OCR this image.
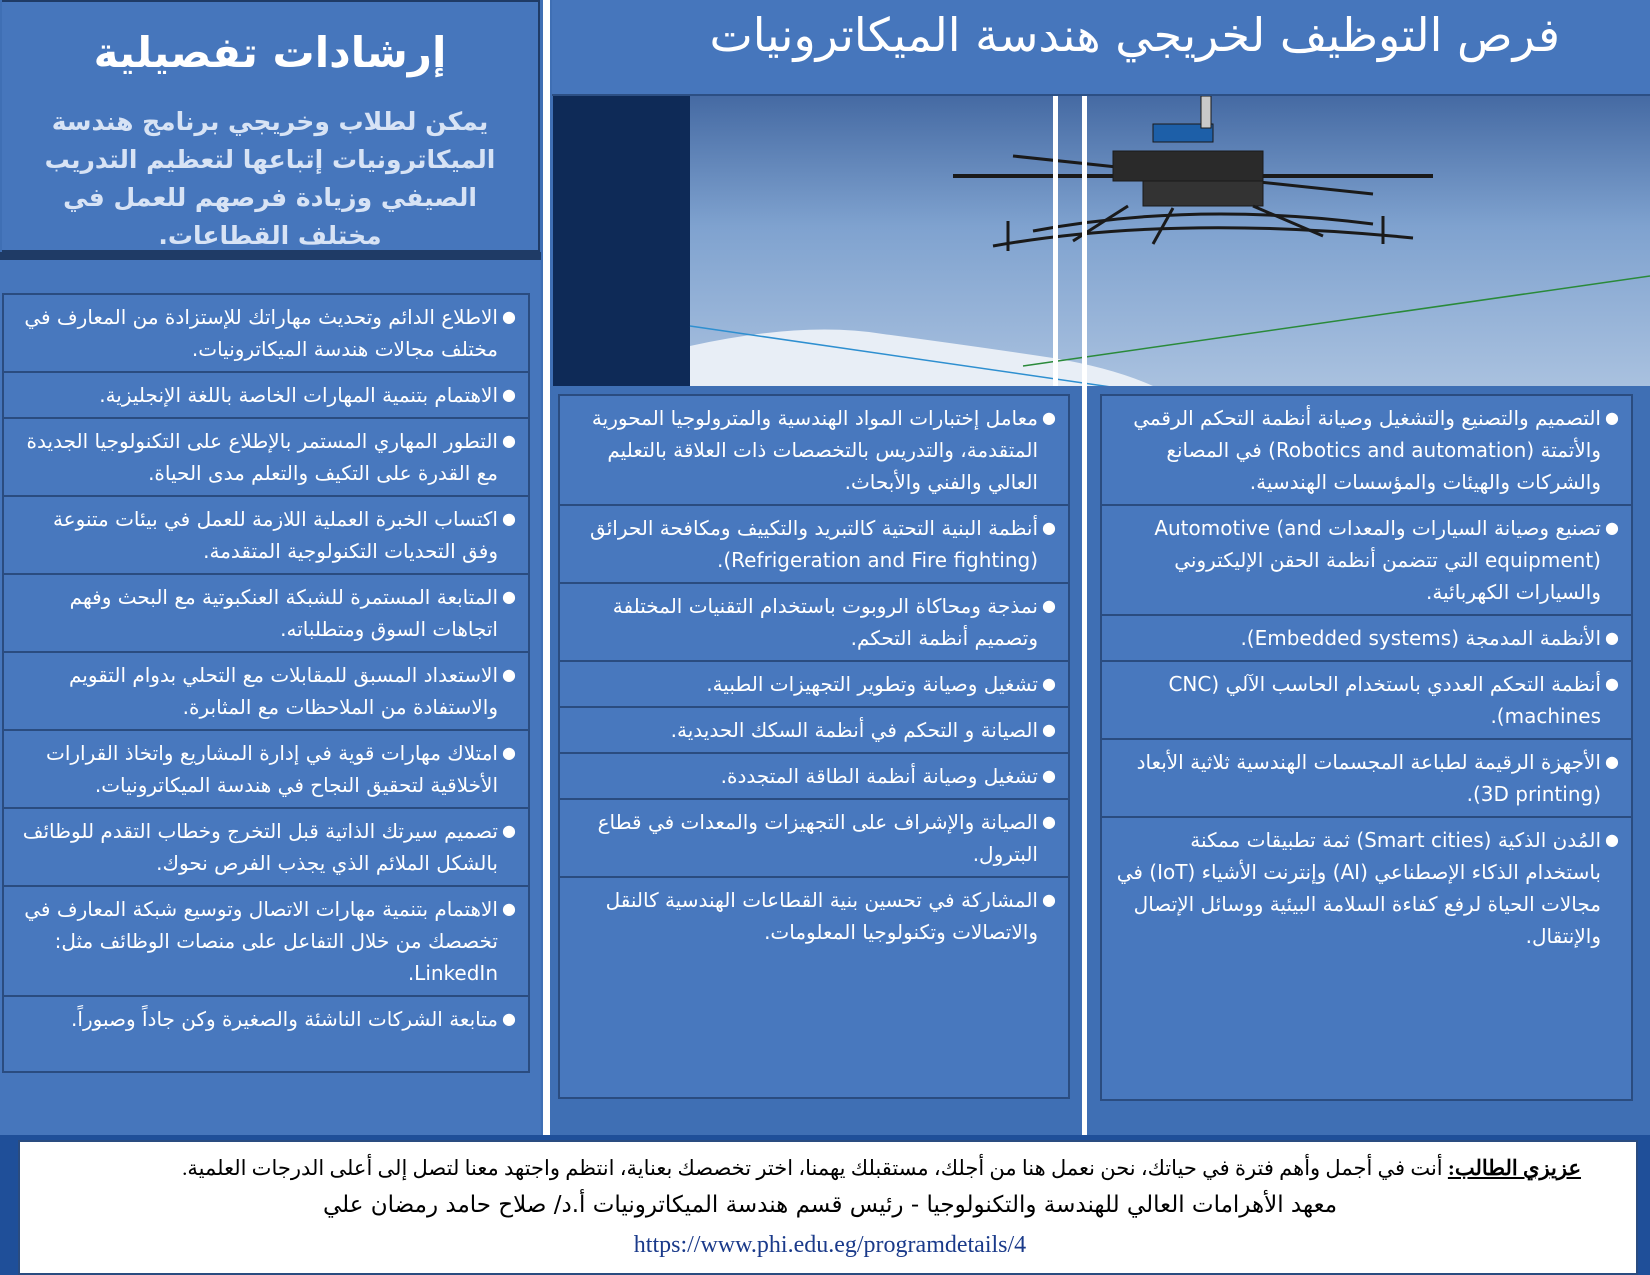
إرشادات تفصيلية

يمكن لطلاب وخريجي برنامج هندسة الميكاترونيات إتباعها لتعظيم التدريب الصيفي وزيادة فرصهم للعمل في مختلف القطاعات.

فرص التوظيف لخريجي هندسة الميكاترونيات
●
الاطلاع الدائم وتحديث مهاراتك للإستزادة من المعارف في مختلف مجالات هندسة الميكاترونيات.
●
الاهتمام بتنمية المهارات الخاصة باللغة الإنجليزية.
●
التطور المهاري المستمر بالإطلاع على التكنولوجيا الجديدة مع القدرة على التكيف والتعلم مدى الحياة.
●
اكتساب الخبرة العملية اللازمة للعمل في بيئات متنوعة وفق التحديات التكنولوجية المتقدمة.
●
المتابعة المستمرة للشبكة العنكبوتية مع البحث وفهم اتجاهات السوق ومتطلباته.
●
الاستعداد المسبق للمقابلات مع التحلي بدوام التقويم والاستفادة من الملاحظات مع المثابرة.
●
امتلاك مهارات قوية في إدارة المشاريع واتخاذ القرارات الأخلاقية لتحقيق النجاح في هندسة الميكاترونيات.
●
تصميم سيرتك الذاتية قبل التخرج وخطاب التقدم للوظائف بالشكل الملائم الذي يجذب الفرص نحوك.
●
الاهتمام بتنمية مهارات الاتصال وتوسيع شبكة المعارف في تخصصك من خلال التفاعل على منصات الوظائف مثل: LinkedIn.
●
متابعة الشركات الناشئة والصغيرة وكن جاداً وصبوراً.
●
معامل إختبارات المواد الهندسية والمترولوجيا المحورية المتقدمة، والتدريس بالتخصصات ذات العلاقة بالتعليم العالي والفني والأبحاث.
●
أنظمة البنية التحتية كالتبريد والتكييف ومكافحة الحرائق (Refrigeration and Fire fighting).
●
نمذجة ومحاكاة الروبوت باستخدام التقنيات المختلفة وتصميم أنظمة التحكم.
●
تشغيل وصيانة وتطوير التجهيزات الطبية.
●
الصيانة و التحكم في أنظمة السكك الحديدية.
●
تشغيل وصيانة أنظمة الطاقة المتجددة.
●
الصيانة والإشراف على التجهيزات والمعدات في قطاع البترول.
●
المشاركة في تحسين بنية القطاعات الهندسية كالنقل والاتصالات وتكنولوجيا المعلومات.
●
التصميم والتصنيع والتشغيل وصيانة أنظمة التحكم الرقمي والأتمتة (Robotics and automation) في المصانع والشركات والهيئات والمؤسسات الهندسية.
●
تصنيع وصيانة السيارات والمعدات Automotive (and equipment) التي تتضمن أنظمة الحقن الإليكتروني والسيارات الكهربائية.
●
الأنظمة المدمجة (Embedded systems).
●
أنظمة التحكم العددي باستخدام الحاسب الآلي (CNC machines).
●
الأجهزة الرقيمة لطباعة المجسمات الهندسية ثلاثية الأبعاد (3D printing).
●
المُدن الذكية (Smart cities) ثمة تطبيقات ممكنة باستخدام الذكاء الإصطناعي (AI) وإنترنت الأشياء (IoT) في مجالات الحياة لرفع كفاءة السلامة البيئية ووسائل الإتصال والإنتقال.
عزيزي الطالب: أنت في أجمل وأهم فترة في حياتك، نحن نعمل هنا من أجلك، مستقبلك يهمنا، اختر تخصصك بعناية، انتظم واجتهد معنا لتصل إلى أعلى الدرجات العلمية.
معهد الأهرامات العالي للهندسة والتكنولوجيا - رئيس قسم هندسة الميكاترونيات أ.د/ صلاح حامد رمضان علي
https://www.phi.edu.eg/programdetails/4
